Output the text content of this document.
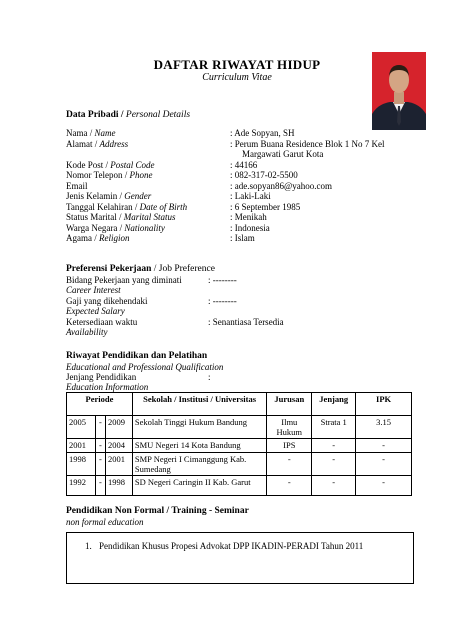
DAFTAR RIWAYAT HIDUP
Curriculum Vitae
Data Pribadi / Personal Details
Nama / Name	: Ade Sopyan, SH
Alamat / Address	: Perum Buana Residence Blok 1 No 7 Kel
Margawati Garut Kota
Kode Post / Postal Code	: 44166
Nomor Telepon / Phone	: 082-317-02-5500
Email	: ade.sopyan86@yahoo.com
Jenis Kelamin / Gender	: Laki-Laki
Tanggal Kelahiran / Date of Birth	: 6 September 1985
Status Marital / Marital Status	: Menikah
Warga Negara / Nationality	: Indonesia
Agama / Religion	: Islam
Preferensi Pekerjaan / Job Preference
Bidang Pekerjaan yang diminati	: --------
Career Interest
Gaji yang dikehendaki	: --------
Expected Salary
Ketersediaan waktu	: Senantiasa Tersedia
Availability
Riwayat Pendidikan dan Pelatihan
Educational and Professional Qualification
Jenjang Pendidikan	:
Education Information
Periode			Sekolah / Institusi / Universitas	Jurusan	Jenjang	IPK
2005	-	2009	Sekolah Tinggi Hukum Bandung	Ilmu Hukum	Strata 1	3.15
2001	-	2004	SMU Negeri 14 Kota Bandung	IPS	-	-
1998	-	2001	SMP Negeri I Cimanggung Kab. Sumedang	-	-	-
1992	-	1998	SD Negeri Caringin II Kab. Garut	-	-	-
Pendidikan Non Formal / Training - Seminar
non formal education
1. Pendidikan Khusus Propesi Advokat DPP IKADIN-PERADI Tahun 2011
